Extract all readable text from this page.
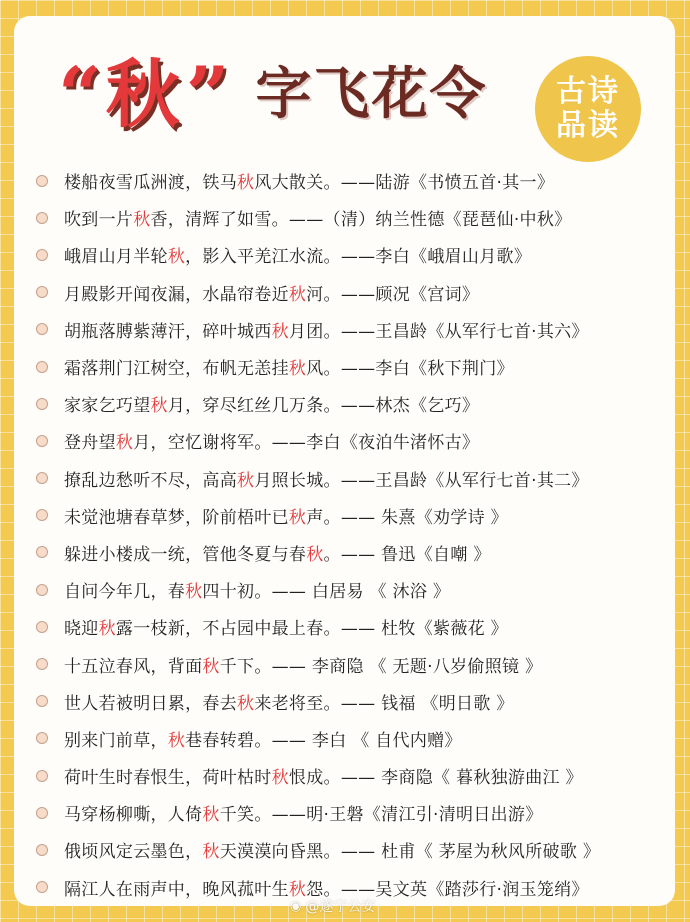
“ 秋 ” 字飞花令 古诗
品读
楼船夜雪瓜洲渡，铁马秋风大散关。——陆游《书愤五首·其一》
吹到一片秋香，清辉了如雪。——（清）纳兰性德《琵琶仙·中秋》
峨眉山月半轮秋，影入平羌江水流。——李白《峨眉山月歌》
月殿影开闻夜漏，水晶帘卷近秋河。——顾况《宫词》
胡瓶落膊紫薄汗，碎叶城西秋月团。——王昌龄《从军行七首·其六》
霜落荆门江树空，布帆无恙挂秋风。——李白《秋下荆门》
家家乞巧望秋月，穿尽红丝几万条。——林杰《乞巧》
登舟望秋月，空忆谢将军。——李白《夜泊牛渚怀古》
撩乱边愁听不尽，高高秋月照长城。——王昌龄《从军行七首·其二》
未觉池塘春草梦，阶前梧叶已秋声。—— 朱熹《劝学诗 》
躲进小楼成一统，管他冬夏与春秋。—— 鲁迅《自嘲 》
自问今年几，春秋四十初。—— 白居易 《 沐浴 》
晓迎秋露一枝新，不占园中最上春。—— 杜牧《紫薇花 》
十五泣春风，背面秋千下。—— 李商隐 《 无题·八岁偷照镜 》
世人若被明日累，春去秋来老将至。—— 钱福 《明日歌 》
别来门前草，秋巷春转碧。—— 李白 《 自代内赠》
荷叶生时春恨生，荷叶枯时秋恨成。—— 李商隐《 暮秋独游曲江 》
马穿杨柳嘶，人倚秋千笑。——明·王磐《清江引·清明日出游》
俄顷风定云墨色，秋天漠漠向昏黑。—— 杜甫《 茅屋为秋风所破歌 》
隔江人在雨声中，晚风菰叶生秋怨。——吴文英《踏莎行·润玉笼绡》
◉ @遂宁公安
